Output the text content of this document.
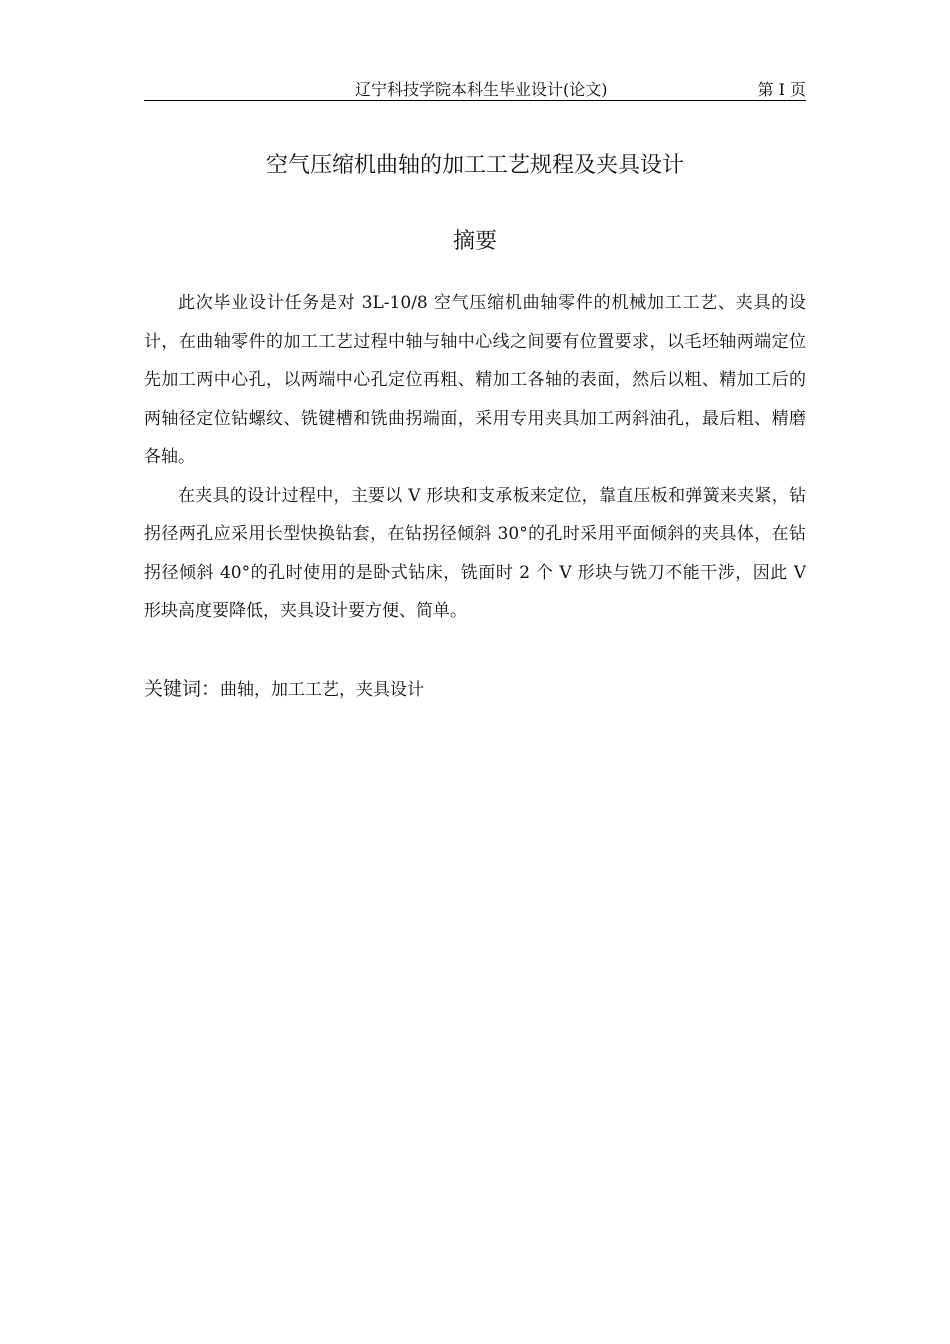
辽宁科技学院本科生毕业设计(论文)	第 I 页
空气压缩机曲轴的加工工艺规程及夹具设计
摘要

此次毕业设计任务是对 3L-10/8 空气压缩机曲轴零件的机械加工工艺、夹具的设计，在曲轴零件的加工工艺过程中轴与轴中心线之间要有位置要求，以毛坯轴两端定位先加工两中心孔，以两端中心孔定位再粗、精加工各轴的表面，然后以粗、精加工后的两轴径定位钻螺纹、铣键槽和铣曲拐端面，采用专用夹具加工两斜油孔，最后粗、精磨各轴。

在夹具的设计过程中，主要以 V 形块和支承板来定位，靠直压板和弹簧来夹紧，钻拐径两孔应采用长型快换钻套，在钻拐径倾斜 30°的孔时采用平面倾斜的夹具体，在钻拐径倾斜 40°的孔时使用的是卧式钻床，铣面时 2 个 V 形块与铣刀不能干涉，因此 V 形块高度要降低，夹具设计要方便、简单。

关键词：曲轴，加工工艺，夹具设计
